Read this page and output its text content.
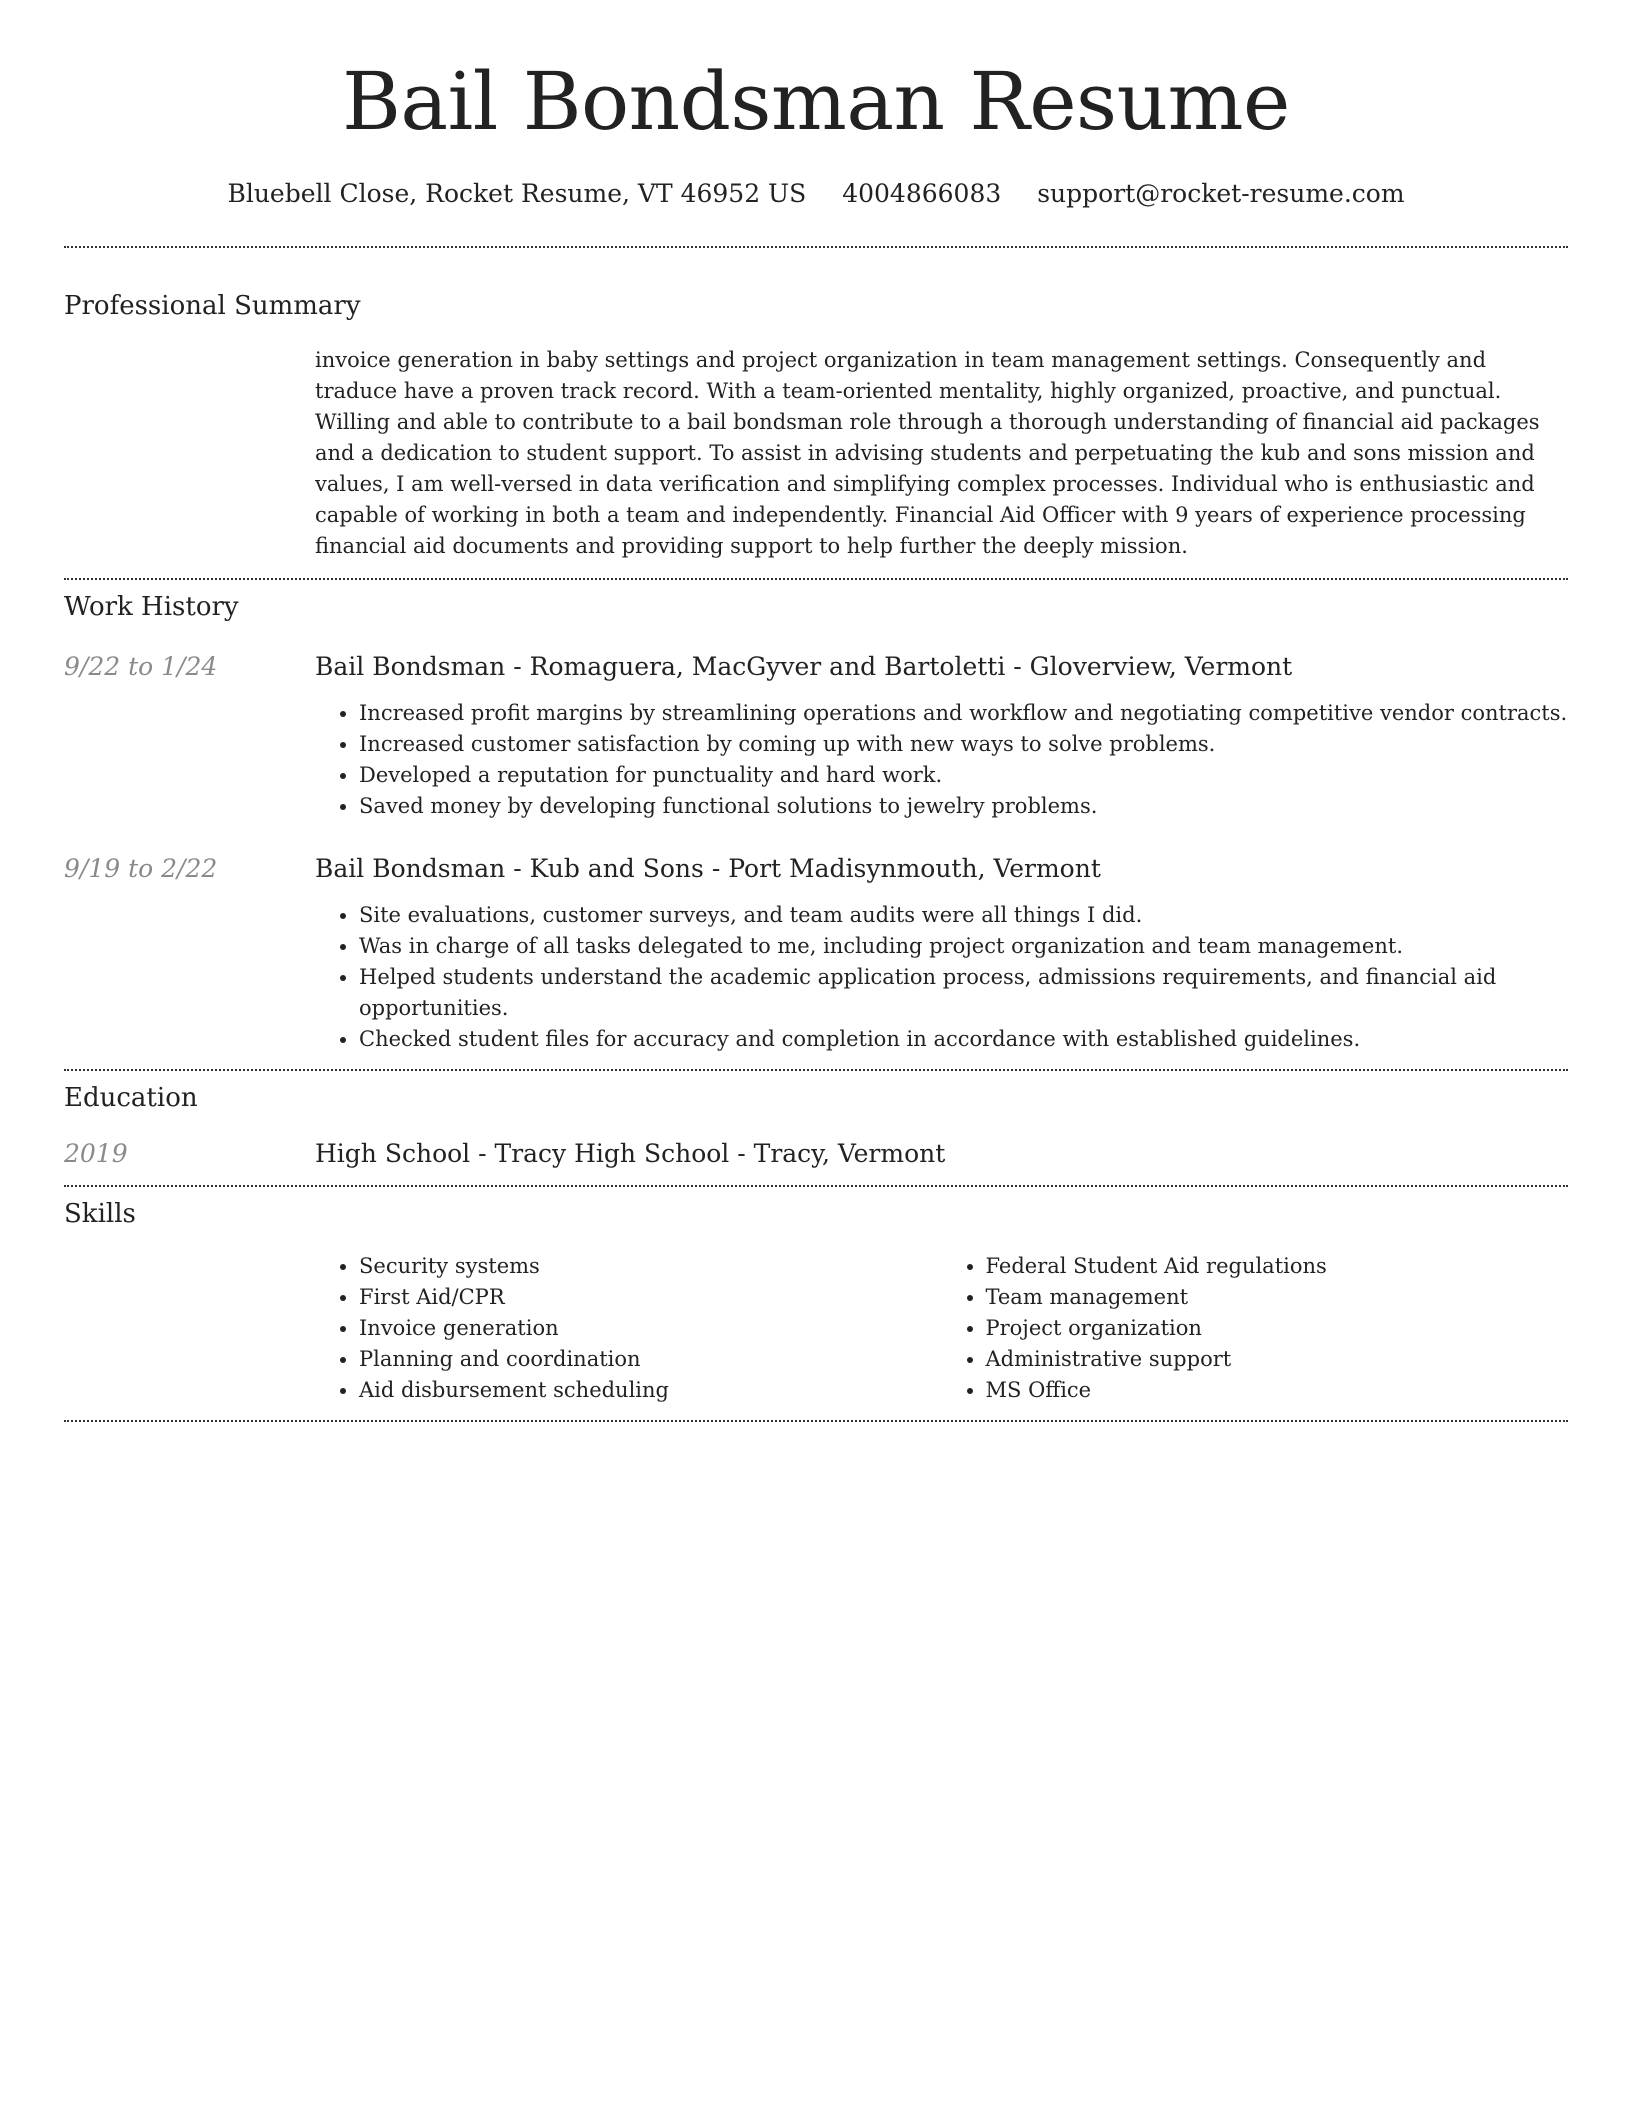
Bail Bondsman Resume
Bluebell Close, Rocket Resume, VT 46952 US 4004866083 support@rocket-resume.com
Professional Summary

invoice generation in baby settings and project organization in team management settings. Consequently and traduce have a proven track record. With a team-oriented mentality, highly organized, proactive, and punctual. Willing and able to contribute to a bail bondsman role through a thorough understanding of financial aid packages and a dedication to student support. To assist in advising students and perpetuating the kub and sons mission and values, I am well-versed in data verification and simplifying complex processes. Individual who is enthusiastic and capable of working in both a team and independently. Financial Aid Officer with 9 years of experience processing financial aid documents and providing support to help further the deeply mission.

Work History
9/22 to 1/24	Bail Bondsman - Romaguera, MacGyver and Bartoletti - Gloverview, Vermont
• Increased profit margins by streamlining operations and workflow and negotiating competitive vendor contracts.
• Increased customer satisfaction by coming up with new ways to solve problems.
• Developed a reputation for punctuality and hard work.
• Saved money by developing functional solutions to jewelry problems.
9/19 to 2/22	Bail Bondsman - Kub and Sons - Port Madisynmouth, Vermont
• Site evaluations, customer surveys, and team audits were all things I did.
• Was in charge of all tasks delegated to me, including project organization and team management.
• Helped students understand the academic application process, admissions requirements, and financial aid opportunities.
• Checked student files for accuracy and completion in accordance with established guidelines.
Education
2019	High School - Tracy High School - Tracy, Vermont
Skills
• Security systems
• First Aid/CPR
• Invoice generation
• Planning and coordination
• Aid disbursement scheduling
• Federal Student Aid regulations
• Team management
• Project organization
• Administrative support
• MS Office
